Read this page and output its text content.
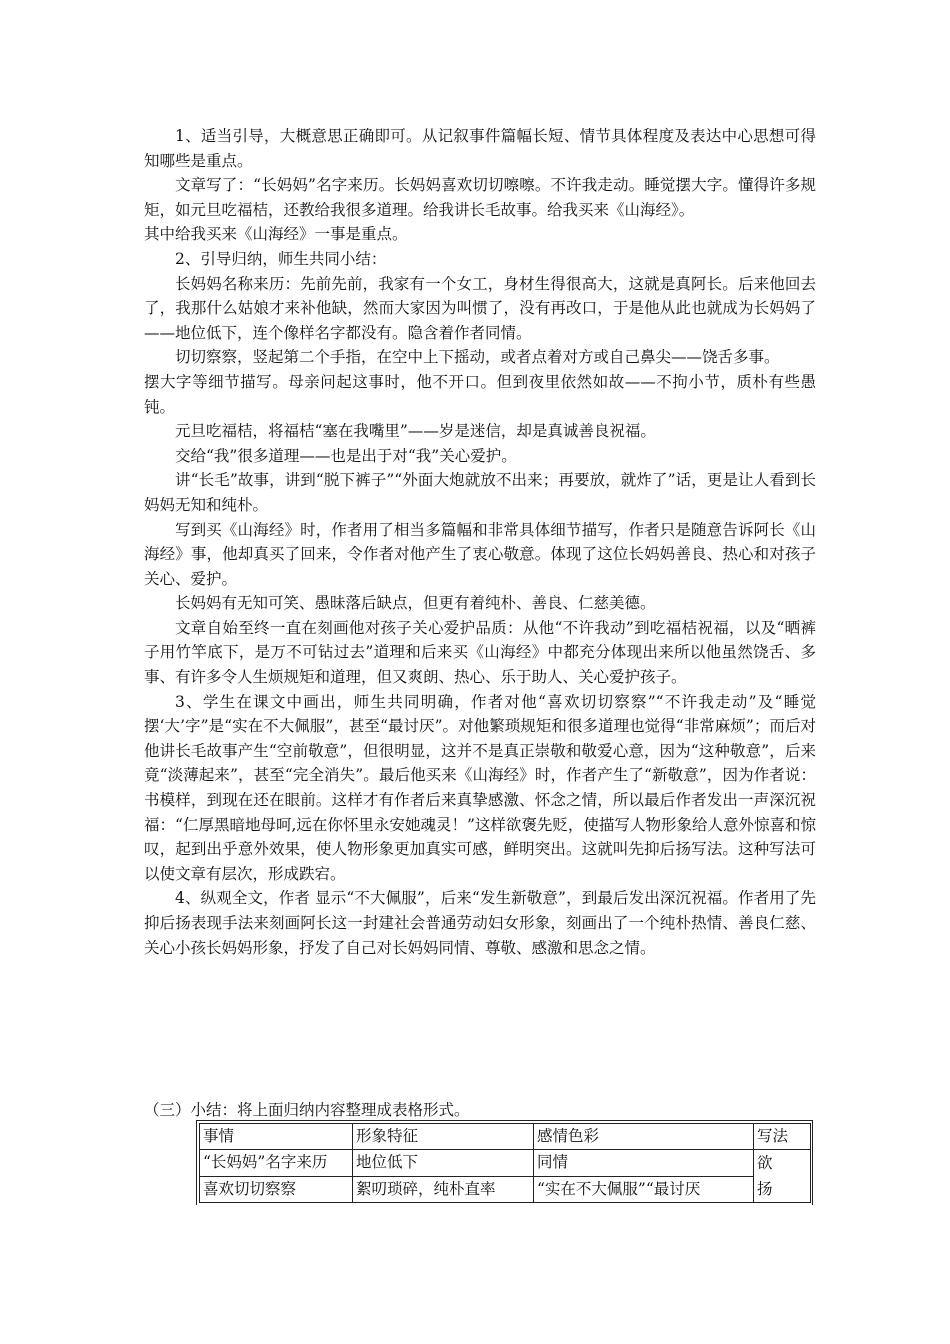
1、适当引导，大概意思正确即可。从记叙事件篇幅长短、情节具体程度及表达中心思想可得知哪些是重点。

文章写了：“长妈妈”名字来历。长妈妈喜欢切切嚓嚓。不许我走动。睡觉摆大字。懂得许多规矩，如元旦吃福桔，还教给我很多道理。给我讲长毛故事。给我买来《山海经》。

其中给我买来《山海经》一事是重点。

2、引导归纳，师生共同小结：

长妈妈名称来历：先前先前，我家有一个女工，身材生得很高大，这就是真阿长。后来他回去了，我那什么姑娘才来补他缺，然而大家因为叫惯了，没有再改口，于是他从此也就成为长妈妈了——地位低下，连个像样名字都没有。隐含着作者同情。

切切察察，竖起第二个手指，在空中上下摇动，或者点着对方或自己鼻尖——饶舌多事。

摆大字等细节描写。母亲问起这事时，他不开口。但到夜里依然如故——不拘小节，质朴有些愚钝。

元旦吃福桔，将福桔“塞在我嘴里”——岁是迷信，却是真诚善良祝福。

交给“我”很多道理——也是出于对“我”关心爱护。

讲“长毛”故事，讲到“脱下裤子”“外面大炮就放不出来；再要放，就炸了”话，更是让人看到长妈妈无知和纯朴。

写到买《山海经》时，作者用了相当多篇幅和非常具体细节描写，作者只是随意告诉阿长《山海经》事，他却真买了回来，令作者对他产生了衷心敬意。体现了这位长妈妈善良、热心和对孩子关心、爱护。

长妈妈有无知可笑、愚昧落后缺点，但更有着纯朴、善良、仁慈美德。

文章自始至终一直在刻画他对孩子关心爱护品质：从他“不许我动”到吃福桔祝福，以及“晒裤子用竹竿底下，是万不可钻过去”道理和后来买《山海经》中都充分体现出来所以他虽然饶舌、多事、有许多令人生烦规矩和道理，但又爽朗、热心、乐于助人、关心爱护孩子。

3、学生在课文中画出，师生共同明确，作者对他“喜欢切切察察”“不许我走动”及“睡觉摆‘大’字”是“实在不大佩服”，甚至“最讨厌”。对他繁琐规矩和很多道理也觉得“非常麻烦”；而后对他讲长毛故事产生“空前敬意”，但很明显，这并不是真正崇敬和敬爱心意，因为“这种敬意”，后来竟“淡薄起来”，甚至“完全消失”。最后他买来《山海经》时，作者产生了“新敬意”，因为作者说：书模样，到现在还在眼前。这样才有作者后来真挚感激、怀念之情，所以最后作者发出一声深沉祝福：“仁厚黑暗地母呵,远在你怀里永安她魂灵！”这样欲褒先贬，使描写人物形象给人意外惊喜和惊叹，起到出乎意外效果，使人物形象更加真实可感，鲜明突出。这就叫先抑后扬写法。这种写法可以使文章有层次，形成跌宕。

4、纵观全文，作者 显示“不大佩服”，后来“发生新敬意”，到最后发出深沉祝福。作者用了先抑后扬表现手法来刻画阿长这一封建社会普通劳动妇女形象，刻画出了一个纯朴热情、善良仁慈、关心小孩长妈妈形象，抒发了自己对长妈妈同情、尊敬、感激和思念之情。

（三）小结：将上面归纳内容整理成表格形式。
事情	形象特征	感情色彩	写法
“长妈妈”名字来历	地位低下	同情	欲扬
喜欢切切察察	絮叨琐碎，纯朴直率	“实在不大佩服”“最讨厌	
